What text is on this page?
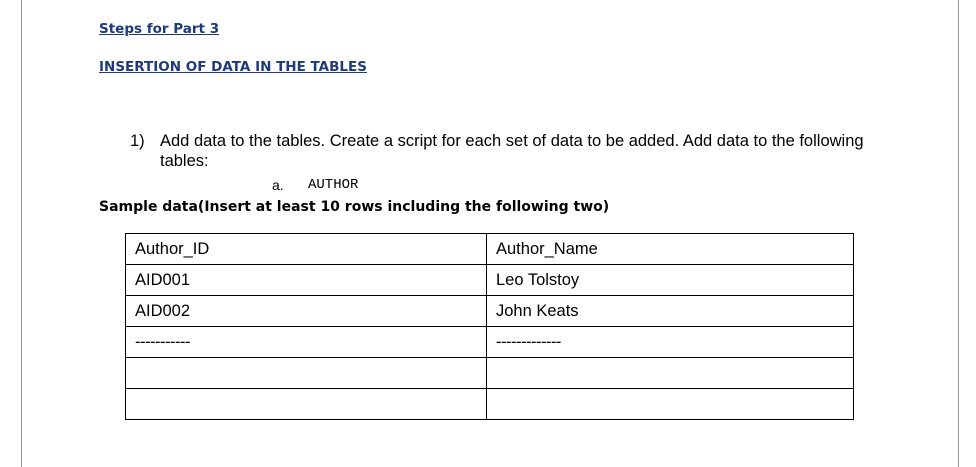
Steps for Part 3
INSERTION OF DATA IN THE TABLES
1) Add data to the tables. Create a script for each set of data to be added. Add data to the following tables:
a. AUTHOR
Sample data(Insert at least 10 rows including the following two)
Author_ID	Author_Name
AID001	Leo Tolstoy
AID002	John Keats
-----------	-------------
